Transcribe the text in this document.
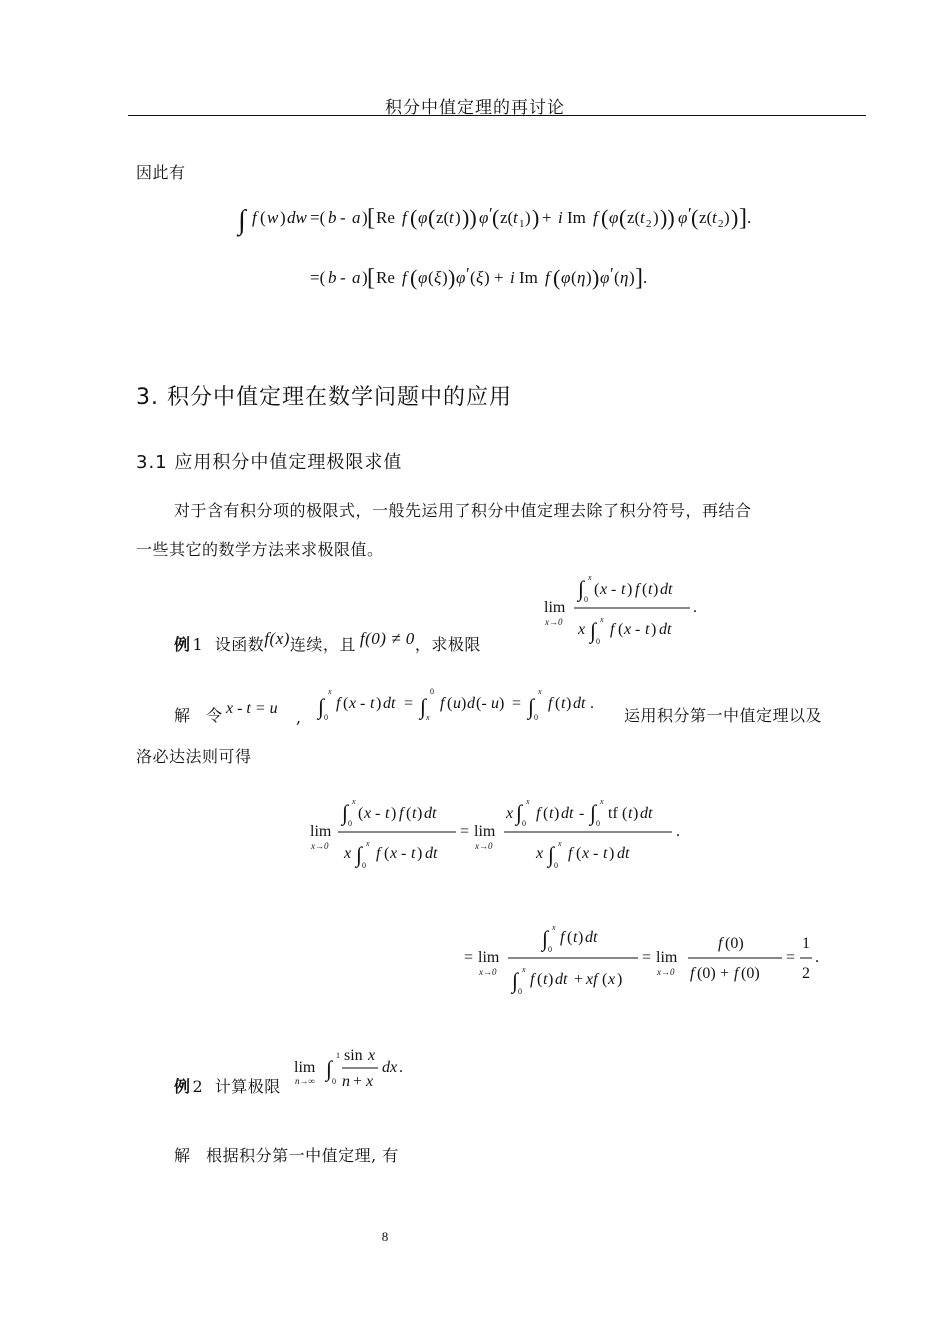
积分中值定理的再讨论
因此有
∫ f ( w ) dw =( b - a ) [ Re f ( φ ( z( t ) )) φ ′ ( z( t 1 ) ) + i Im f ( φ ( z( t 2 ) )) φ ′ ( z( t 2 ) ) ] .
=( b - a ) [ Re f ( φ ( ξ ) ) φ ′ ( ξ ) + i Im f ( φ ( η ) ) φ ′ ( η ) ] .
3. 积分中值定理在数学问题中的应用
3.1 应用积分中值定理极限求值
对于含有积分项的极限式，一般先运用了积分中值定理去除了积分符号，再结合
一些其它的数学方法来求极限值。
例 1 设函数f(x)连续，且 f(0) ≠ 0，求极限
lim
x→0
∫ x
0
( x - t ) f ( t ) dt
.
x ∫ x
0
f ( x - t ) dt
解 令 x - t = u , ∫
x
0
f ( x - t ) dt = ∫
0
x
f ( u ) d (- u ) = ∫
x
0
f ( t ) dt .
运用积分第一中值定理以及
洛必达法则可得
lim
x→0
∫ x
0
( x - t ) f ( t ) dt
x ∫ x
0
f ( x - t ) dt
= lim
x→0
x ∫ x
0
f ( t ) dt - ∫ x
0
tf ( t ) dt
.
x ∫ x
0
f ( x - t ) dt
= lim
x→0
∫ x
0
f ( t ) dt
∫ x
0
f ( t ) dt + xf ( x )
= lim
x→0
f (0)
f (0) + f (0)
=
1
2
.
例 2 计算极限
lim
n→∞ ∫
1
0
sin x
n + x
dx .
解 根据积分第一中值定理, 有
8
